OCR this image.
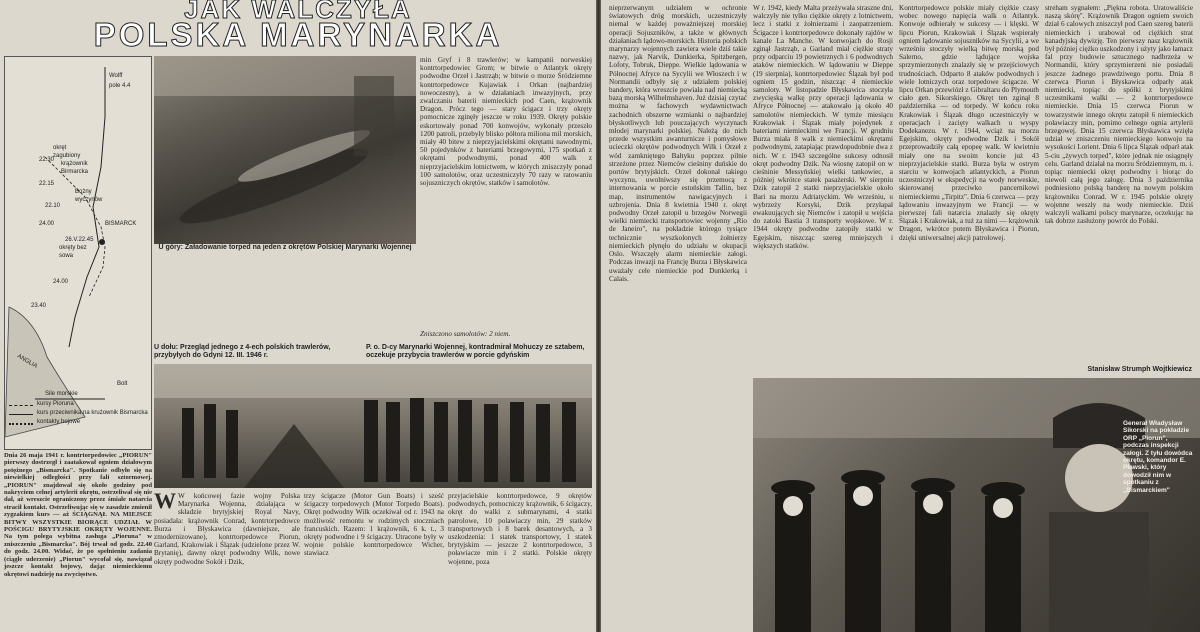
JAK WALCZYŁA
POLSKA MARYNARKA
Wolff
pole 4.4
okręt
zagubiony
krążownik
Birmarcka
Bożny
wyczynów
BISMARCK
okręty bez
sowa
22.30
22.15
22.10
24.00
26.V.22.45
24.00
23.40
ANGLIA
Sile morskie
Bolt
kursy Pioruna
kurs przeciwnika na krużownik Bismarcka
kontakty bojowe

Dnia 26 maja 1941 r. kontrtorpedowiec „PIORUN" pierwszy dostrzegł i zaatakował ogniem działowym potężnego „Bismarcka". Spotkanie odbyło się na niewielkiej odległości przy fali sztormowej. „PIORUN" znajdował się około godziny pod nakryciem celnej artylerii okrętu, ostrzeliwał się nie dał, aż wreszcie ograniczony przez śmiałe natarcia stracił kontakt. Ostrzeliwując się w zasadzie zmienił zygzakiem kurs — aż ŚCIĄGNĄŁ NA MIEJSCE BITWY WSZYSTKIE BIORĄCE UDZIAŁ W POŚCIGU BRYTYJSKIE OKRĘTY WOJENNE. Na tym polega wybitna zasługa „Pioruna" w zniszczeniu „Bismarcka". Bój trwał od godz. 22.40 do godz. 24.00. Widać, że po spełnieniu zadania (ciągłe uderzenie) „Piorun" wycofał się, nawiązał jeszcze kontakt bojowy, dając niemieckiemu okrętowi nadzieję na zwycięstwo.

U góry: Załadowanie torped na jeden z okrętów Polskiej Marynarki Wojennej

min Gryf i 8 trawlerów; w kampanii norweskiej kontrtorpedowiec Grom; w bitwie o Atlantyk okręty podwodne Orzeł i Jastrząb; w bitwie o morze Śródziemne kontrtorpedowce Kujawiak i Orkan (najbardziej nowoczesny), a w działaniach inwazyjnych, przy zwalczaniu baterii niemieckich pod Caen, krążownik Dragon. Prócz tego — stary ścigacz i trzy okręty pomocnicze zginęły jeszcze w roku 1939. Okręty polskie eskortowały ponad 700 konwojów, wykonały przeszło 1200 patroli, przebyły blisko półtora miliona mil morskich, miały 40 bitew z nieprzyjacielskimi okrętami nawodnymi, 50 pojedynków z bateriami brzegowymi, 175 spotkań z okrętami podwodnymi, ponad 400 walk z nieprzyjacielskim lotnictwem, w których zniszczyły ponad 100 samolotów, oraz uczestniczyły 70 razy w ratowaniu sojuszniczych okrętów, statków i samolotów.

Zniszczono samolotów: 2 niem.

U dołu: Przegląd jednego z 4-ech polskich trawlerów, przybyłych do Gdyni 12. III. 1946 r.

P. o. D-cy Marynarki Wojennej, kontradmirał Mohuczy ze sztabem, oczekuje przybycia trawlerów w porcie gdyńskim

W W końcowej fazie wojny Polska Marynarka Wojenna, działająca w składzie brytyjskiej Royal Navy, posiadała: krążownik Conrad, kontrtorpedowce Burza i Błyskawica (dawniejsze, ale zmodernizowane), kontrtorpedowce Piorun, Garland, Krakowiak i Ślązak (udzielone przez W. Brytanię), dawny okręt podwodny Wilk, nowe okręty podwodne Sokół i Dzik,
trzy ścigacze (Motor Gun Boats) i sześć ścigaczy torpedowych (Motor Torpedo Boats). Okręt podwodny Wilk oczekiwał od r. 1943 na możliwość remontu w rodzimych stoczniach francuskich. Razem: 1 krążownik, 6 k. t., 3 okręty podwodne i 9 ścigaczy. Utracone były w wojnie polskie kontrtorpedowce Wicher, stawiacz
przyjacielskie kontrtorpedowce, 9 okrętów podwodnych, pomocniczy krążownik, 6 ścigaczy, okręt do walki z submarynami, 4 statki patrolowe, 10 polawiaczy min, 29 statków transportowych i 8 barek desantowych, a 3 uszkodzenia: 1 statek transportowy, 1 statek brytyjskim — jeszcze 2 kontrtorpedowce, 3 poławiacze min i 2 statki. Polskie okręty wojenne, poza
nieprzerwanym udziałem w ochronie światowych dróg morskich, uczestniczyły niemal w każdej poważniejszej morskiej operacji Sojuszników, a także w głównych działaniach lądowo-morskich. Historia polskich marynarzy wojennych zawiera wiele dziś takie nazwy, jak Narvik, Dunkierka, Spitzbergen, Lofoty, Tobruk, Dieppe. Wielkie lądowania w Północnej Afryce na Sycylii we Włoszech i w Normandii odbyły się z udziałem polskiej bandery, która wreszcie powiała nad niemiecką bazą morską Wilhelmshaven. Już dzisiaj czytać można w fachowych wydawnictwach zachodnich obszerne wzmianki o najbardziej błyskotliwych lub pouczających wyczynach młodej marynarki polskiej. Należą do nich przede wszystkim awanturnicze i pomysłowe ucieczki okrętów podwodnych Wilk i Orzeł z wód zamkniętego Bałtyku poprzez pilnie strzeżone przez Niemców cieśniny duńskie do portów brytyjskich. Orzeł dokonał takiego wyczynu, uwolniwszy się przemocą z internowania w porcie estońskim Tallin, bez map, instrumentów nawigacyjnych i uzbrojenia. Dnia 8 kwietnia 1940 r. okręt podwodny Orzeł zatopił u brzegów Norwegii wielki niemiecki transportowiec wojenny „Rio de Janeiro", na pokładzie którego tysiące technicznie wyszkolonych żołnierzy niemieckich płynęło do udziału w okupacji Oslo. Wszczęły alarm niemieckie załogi. Podczas inwazji na Francję Burza i Błyskawica uważały cele niemieckie pod Dunkierką i Calais.
W r. 1942, kiedy Malta przeżywała straszne dni, walczyły nie tylko ciężkie okręty z lotnictwem, lecz i statki z żołnierzami i zaopatrzeniem. Ścigacze i kontrtorpedowce dokonały rajdów w kanale La Manche. W konwojach do Rosji zginął Jastrząb, a Garland miał ciężkie straty przy odparciu 19 powietrznych i 6 podwodnych ataków niemieckich. W lądowaniu w Dieppe (19 sierpnia), kontrtorpedowiec Ślązak był pod ogniem 15 godzin, niszcząc 4 niemieckie samoloty. W listopadzie Błyskawica stoczyła zwycięską walkę przy operacji lądowania w Afryce Północnej — atakowało ją około 40 samolotów niemieckich. W tymże miesiącu Krakowiak i Ślązak miały pojedynek z bateriami niemieckimi we Francji. W grudniu Burza miała 8 walk z niemieckimi okrętami podwodnymi, zatapiając prawdopodobnie dwa z nich. W r. 1943 szczególne sukcesy odnosił okręt podwodny Dzik. Na wiosnę zatopił on w cieśninie Messyńskiej wielki tankowiec, a później wkrótce statek pasażerski. W sierpniu Dzik zatopił 2 statki nieprzyjacielskie około Bari na morzu Adriatyckim. We wrześniu, u wybrzeży Korsyki, Dzik przyłapał ewakuujących się Niemców i zatopił u wejścia do zatoki Bastia 3 transporty wojskowe. W r. 1944 okręty podwodne zatopiły statki w Egejskim, niszcząc szereg mniejszych i większych statków.
Kontrtorpedowce polskie miały ciężkie czasy wobec nowego napięcia walk o Atlantyk. Konwoje odbierały w sukcesy — i klęski. W lipcu Piorun, Krakowiak i Ślązak wspierały ogniem lądowanie sojuszników na Sycylii, a we wrześniu stoczyły wielką bitwę morską pod Salerno, gdzie lądujące wojska sprzymierzonych znalazły się w przejściowych trudnościach. Odparto 8 ataków podwodnych i wiele lotniczych oraz torpedowe ścigacze. W lipcu Orkan przewiózł z Gibraltaru do Plymouth ciało gen. Sikorskiego. Okręt ten zginął 8 października — od torpedy. W końcu roku Krakowiak i Ślązak długo uczestniczyły w operacjach i zacięty walkach u wyspy Dodekanezu. W r. 1944, wciąż na morzu Egejskim, okręty podwodne Dzik i Sokół przeprowadziły całą epopeę walk. W kwietniu miały one na swoim koncie już 43 nieprzyjacielskie statki. Burza była w ostrym starciu w konwojach atlantyckich, a Piorun uczestniczył w ekspedycji na wody norweskie, skierowanej przeciwko pancernikowi niemieckiemu „Tirpitz". Dnia 6 czerwca — przy lądowaniu inwazyjnym we Francji — w pierwszej fali natarcia znalazły się okręty Ślązak i Krakowiak, a tuż za nimi — krążownik Dragon, wkrótce potem Błyskawica i Piorun, dzięki uniwersalnej akcji patrolowej.
streham sygnałem: „Piękna robota. Uratowaliście naszą skórę". Krążownik Dragon ogniem swoich dział 6 calowych zniszczył pod Caen szereg baterii niemieckich i urabował od ciężkich strat kanadyjską dywizję. Ten pierwszy nasz krążownik był później ciężko uszkodzony i użyty jako łamacz fal przy budowie sztucznego nadbrzeża w Normandii, który sprzymierzeni nie posiadali jeszcze żadnego prawdziwego portu. Dnia 8 czerwca Piorun i Błyskawica odparły atak niemiecki, topiąc do spółki z brytyjskimi uczestnikami walki — 2 kontrtorpedowce niemieckie. Dnia 15 czerwca Piorun w towarzystwie innego okrętu zatopił 6 niemieckich poławiaczy min, pomimo celnego ognia artylerii brzegowej. Dnia 15 czerwca Błyskawica wzięła udział w zniszczeniu niemieckiego konwoju na wysokości Lorient. Dnia 6 lipca Ślązak odparł atak 5-ciu „żywych torped", które jednak nie osiągnęły celu. Garland działał na morzu Śródziemnym, m. i. topiąc niemiecki okręt podwodny i biorąc do niewoli całą jego załogę. Dnia 3 października podniesiono polską banderę na nowym polskim krążowniku Conrad. W r. 1945 polskie okręty wojenne weszły na wody niemieckie. Dziś walczyli walkami polscy marynarze, oczekując na tak dobrze zasłużony powrót do Polski.
Stanisław Strumph Wojtkiewicz

Generał Władysław Sikorski na pokładzie ORP „Piorun", podczas inspekcji załogi. Z tyłu dowódca okrętu, komandor E. Pławski, który dowodził nim w spotkaniu z „Bismarckiem"
